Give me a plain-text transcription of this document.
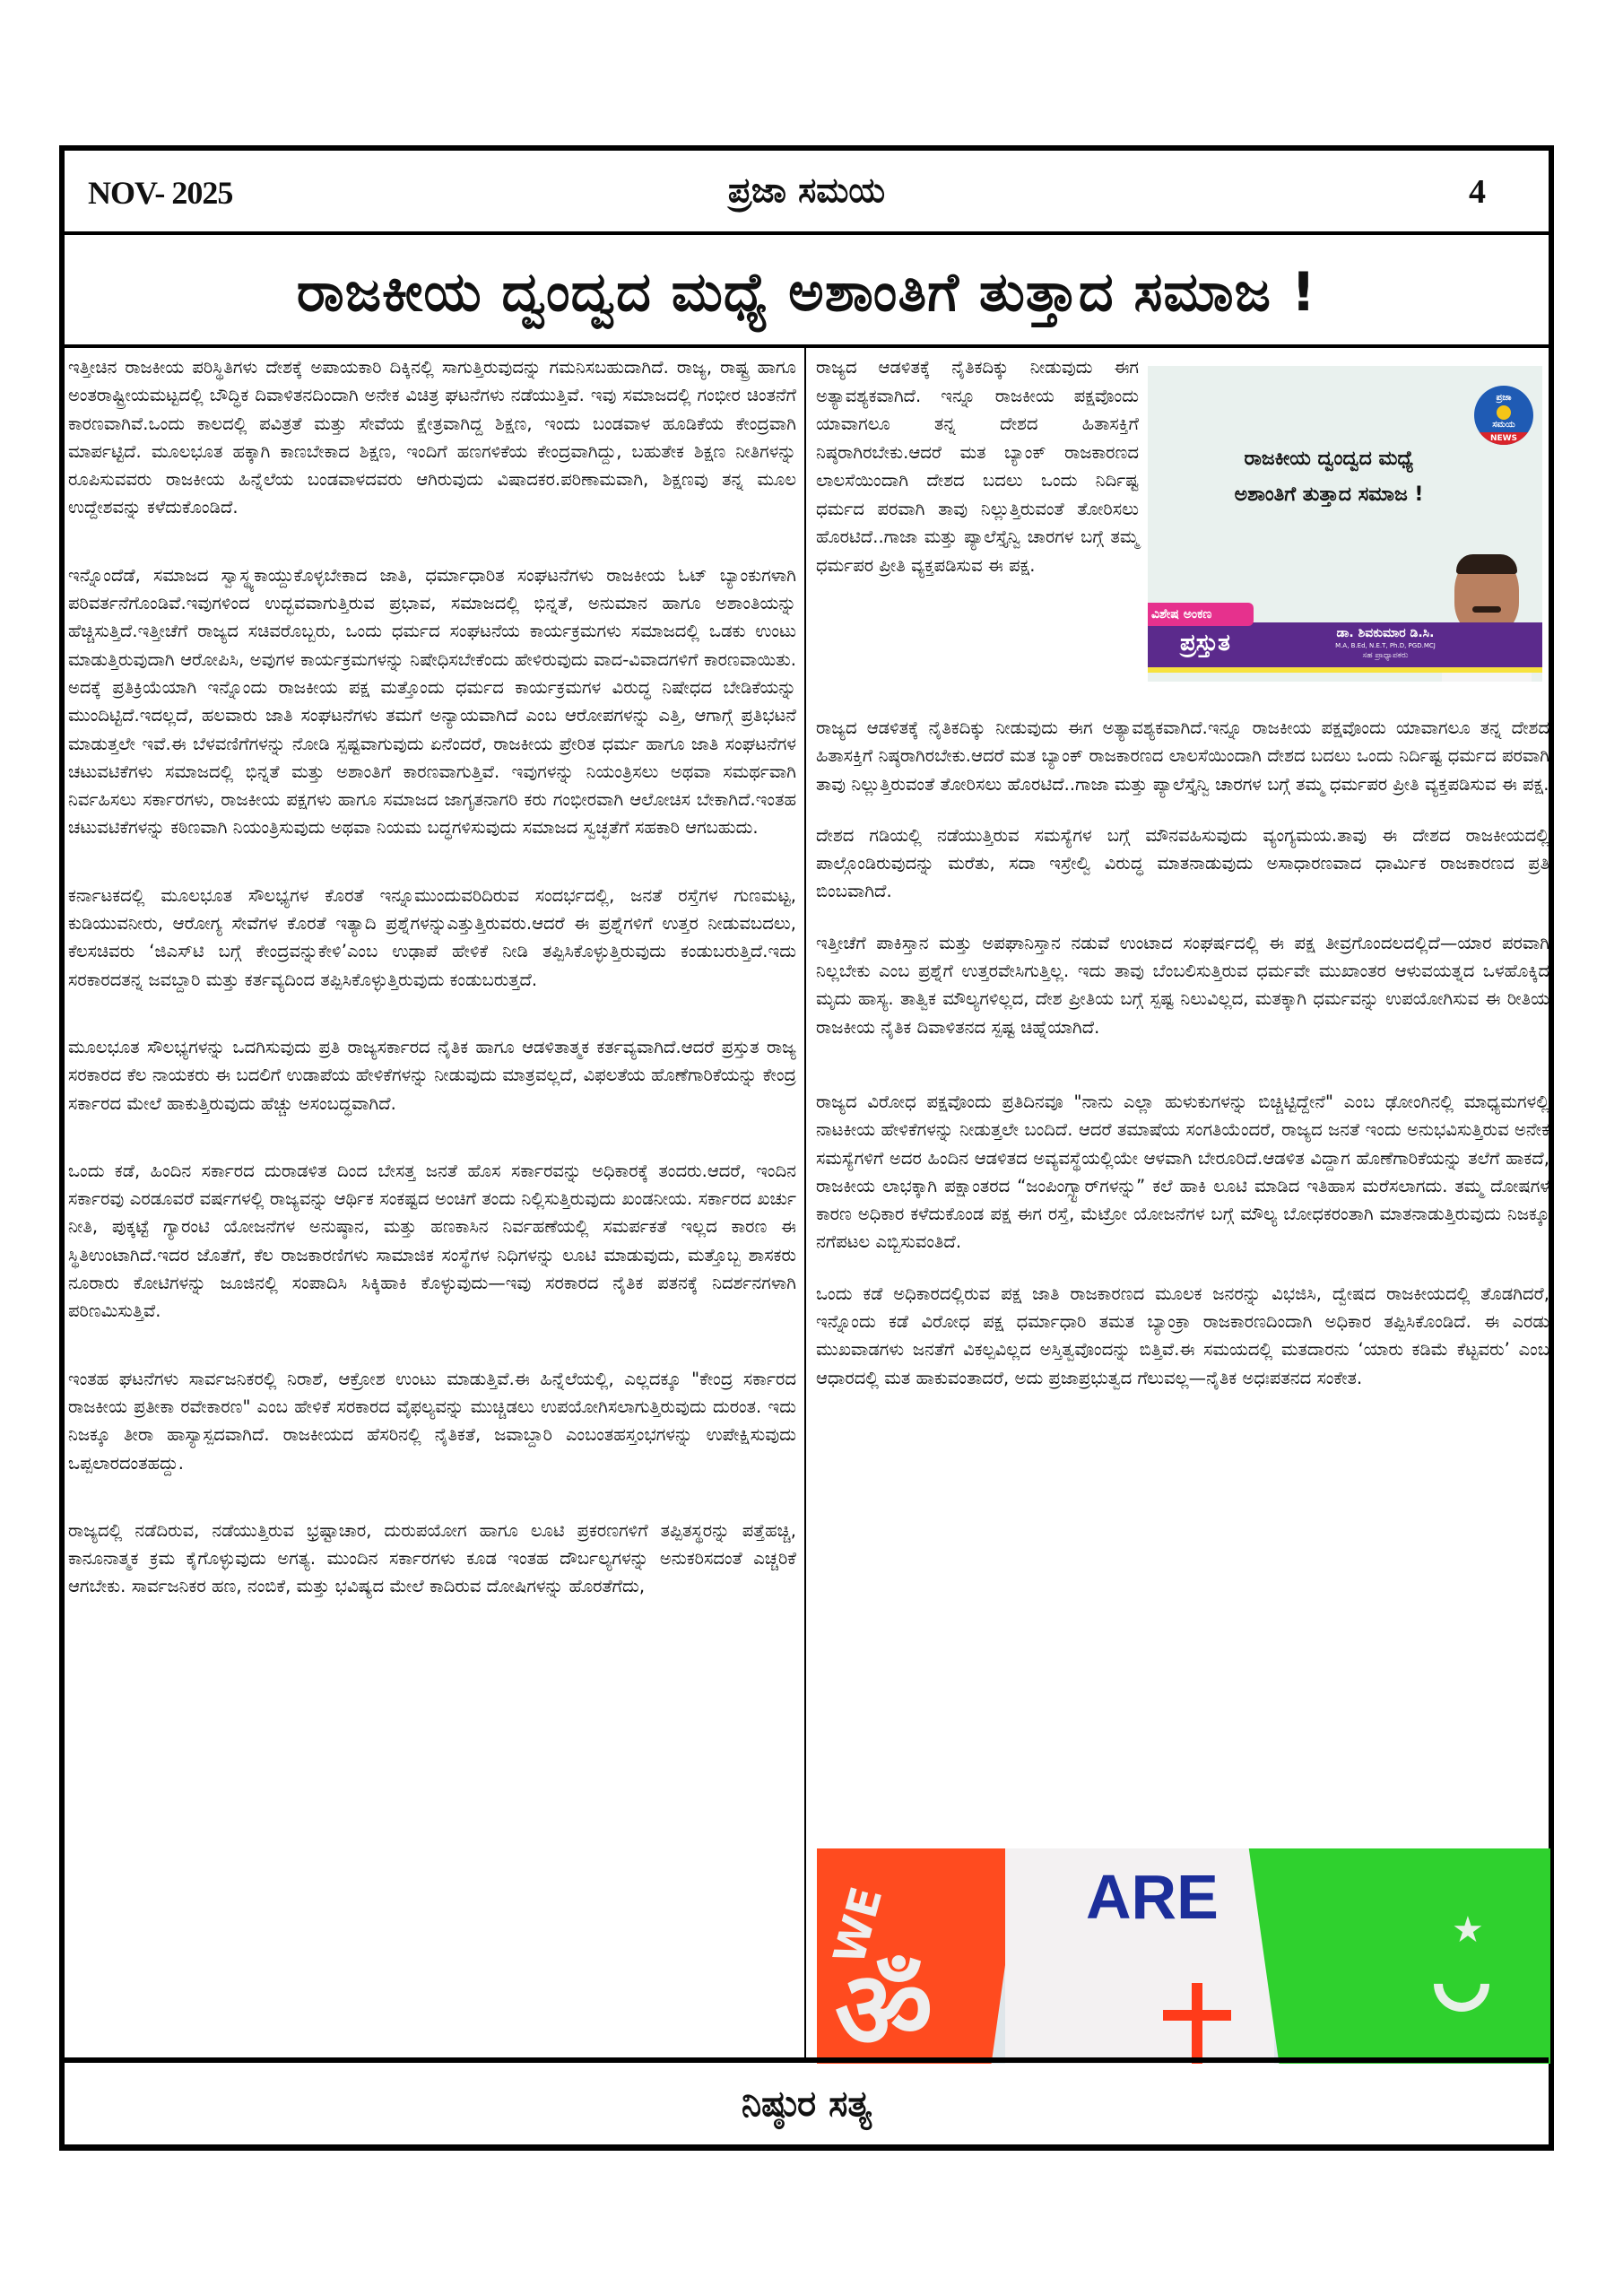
NOV- 2025	ಪ್ರಜಾ ಸಮಯ	4
ರಾಜಕೀಯ ದ್ವಂದ್ವದ ಮಧ್ಯೆ ಅಶಾಂತಿಗೆ ತುತ್ತಾದ ಸಮಾಜ !

ಇತ್ತೀಚಿನ ರಾಜಕೀಯ ಪರಿಸ್ಥಿತಿಗಳು ದೇಶಕ್ಕೆ ಅಪಾಯಕಾರಿ ದಿಕ್ಕಿನಲ್ಲಿ ಸಾಗುತ್ತಿರುವುದನ್ನು ಗಮನಿಸಬಹುದಾಗಿದೆ. ರಾಜ್ಯ, ರಾಷ್ಟ್ರ ಹಾಗೂ ಅಂತರಾಷ್ಟ್ರೀಯಮಟ್ಟದಲ್ಲಿ ಬೌದ್ಧಿಕ ದಿವಾಳಿತನದಿಂದಾಗಿ ಅನೇಕ ವಿಚಿತ್ರ ಘಟನೆಗಳು ನಡೆಯುತ್ತಿವೆ. ಇವು ಸಮಾಜದಲ್ಲಿ ಗಂಭೀರ ಚಿಂತನೆಗೆ ಕಾರಣವಾಗಿವೆ.ಒಂದು ಕಾಲದಲ್ಲಿ ಪವಿತ್ರತೆ ಮತ್ತು ಸೇವೆಯ ಕ್ಷೇತ್ರವಾಗಿದ್ದ ಶಿಕ್ಷಣ, ಇಂದು ಬಂಡವಾಳ ಹೂಡಿಕೆಯ ಕೇಂದ್ರವಾಗಿ ಮಾರ್ಪಟ್ಟಿದೆ. ಮೂಲಭೂತ ಹಕ್ಕಾಗಿ ಕಾಣಬೇಕಾದ ಶಿಕ್ಷಣ, ಇಂದಿಗೆ ಹಣಗಳಿಕೆಯ ಕೇಂದ್ರವಾಗಿದ್ದು, ಬಹುತೇಕ ಶಿಕ್ಷಣ ನೀತಿಗಳನ್ನು ರೂಪಿಸುವವರು ರಾಜಕೀಯ ಹಿನ್ನೆಲೆಯ ಬಂಡವಾಳದವರು ಆಗಿರುವುದು ವಿಷಾದಕರ.ಪರಿಣಾಮವಾಗಿ, ಶಿಕ್ಷಣವು ತನ್ನ ಮೂಲ ಉದ್ದೇಶವನ್ನು ಕಳೆದುಕೊಂಡಿದೆ.

ಇನ್ನೊಂದೆಡೆ, ಸಮಾಜದ ಸ್ವಾಸ್ಥ್ಯಕಾಯ್ದುಕೊಳ್ಳಬೇಕಾದ ಜಾತಿ, ಧರ್ಮಾಧಾರಿತ ಸಂಘಟನೆಗಳು ರಾಜಕೀಯ ಓಟ್ ಬ್ಯಾಂಕುಗಳಾಗಿ ಪರಿವರ್ತನೆಗೊಂಡಿವೆ.ಇವುಗಳಿಂದ ಉದ್ಭವವಾಗುತ್ತಿರುವ ಪ್ರಭಾವ, ಸಮಾಜದಲ್ಲಿ ಭಿನ್ನತೆ, ಅನುಮಾನ ಹಾಗೂ ಅಶಾಂತಿಯನ್ನು ಹೆಚ್ಚಿಸುತ್ತಿದೆ.ಇತ್ತೀಚೆಗೆ ರಾಜ್ಯದ ಸಚಿವರೊಬ್ಬರು, ಒಂದು ಧರ್ಮದ ಸಂಘಟನೆಯ ಕಾರ್ಯಕ್ರಮಗಳು ಸಮಾಜದಲ್ಲಿ ಒಡಕು ಉಂಟು ಮಾಡುತ್ತಿರುವುದಾಗಿ ಆರೋಪಿಸಿ, ಅವುಗಳ ಕಾರ್ಯಕ್ರಮಗಳನ್ನು ನಿಷೇಧಿಸಬೇಕೆಂದು ಹೇಳಿರುವುದು ವಾದ-ವಿವಾದಗಳಿಗೆ ಕಾರಣವಾಯಿತು. ಅದಕ್ಕೆ ಪ್ರತಿಕ್ರಿಯೆಯಾಗಿ ಇನ್ನೊಂದು ರಾಜಕೀಯ ಪಕ್ಷ ಮತ್ತೊಂದು ಧರ್ಮದ ಕಾರ್ಯಕ್ರಮಗಳ ವಿರುದ್ಧ ನಿಷೇಧದ ಬೇಡಿಕೆಯನ್ನು ಮುಂದಿಟ್ಟಿದೆ.ಇದಲ್ಲದೆ, ಹಲವಾರು ಜಾತಿ ಸಂಘಟನೆಗಳು ತಮಗೆ ಅನ್ಯಾಯವಾಗಿದೆ ಎಂಬ ಆರೋಪಗಳನ್ನು ಎತ್ತಿ, ಆಗಾಗ್ಗೆ ಪ್ರತಿಭಟನೆ ಮಾಡುತ್ತಲೇ ಇವೆ.ಈ ಬೆಳವಣಿಗೆಗಳನ್ನು ನೋಡಿ ಸ್ಪಷ್ಟವಾಗುವುದು ಏನೆಂದರೆ, ರಾಜಕೀಯ ಪ್ರೇರಿತ ಧರ್ಮ ಹಾಗೂ ಜಾತಿ ಸಂಘಟನೆಗಳ ಚಟುವಟಿಕೆಗಳು ಸಮಾಜದಲ್ಲಿ ಭಿನ್ನತೆ ಮತ್ತು ಅಶಾಂತಿಗೆ ಕಾರಣವಾಗುತ್ತಿವೆ. ಇವುಗಳನ್ನು ನಿಯಂತ್ರಿಸಲು ಅಥವಾ ಸಮರ್ಥವಾಗಿ ನಿರ್ವಹಿಸಲು ಸರ್ಕಾರಗಳು, ರಾಜಕೀಯ ಪಕ್ಷಗಳು ಹಾಗೂ ಸಮಾಜದ ಜಾಗೃತನಾಗರಿ ಕರು ಗಂಭೀರವಾಗಿ ಆಲೋಚಿಸ ಬೇಕಾಗಿದೆ.ಇಂತಹ ಚಟುವಟಿಕೆಗಳನ್ನು ಕಠಿಣವಾಗಿ ನಿಯಂತ್ರಿಸುವುದು ಅಥವಾ ನಿಯಮ ಬದ್ಧಗಳಿಸುವುದು ಸಮಾಜದ ಸ್ವಚ್ಛತೆಗೆ ಸಹಕಾರಿ ಆಗಬಹುದು.

ಕರ್ನಾಟಕದಲ್ಲಿ ಮೂಲಭೂತ ಸೌಲಭ್ಯಗಳ ಕೊರತೆ ಇನ್ನೂಮುಂದುವರಿದಿರುವ ಸಂದರ್ಭದಲ್ಲಿ, ಜನತೆ ರಸ್ತೆಗಳ ಗುಣಮಟ್ಟ, ಕುಡಿಯುವನೀರು, ಆರೋಗ್ಯ ಸೇವೆಗಳ ಕೊರತೆ ಇತ್ಯಾದಿ ಪ್ರಶ್ನೆಗಳನ್ನುಎತ್ತುತ್ತಿರುವರು.ಆದರೆ ಈ ಪ್ರಶ್ನೆಗಳಿಗೆ ಉತ್ತರ ನೀಡುವಬದಲು, ಕೆಲಸಚಿವರು ‘ಜಿಎಸ್‌ಟಿ ಬಗ್ಗೆ ಕೇಂದ್ರವನ್ನುಕೇಳಿ’ಎಂಬ ಉಢಾಪೆ ಹೇಳಿಕೆ ನೀಡಿ ತಪ್ಪಿಸಿಕೊಳ್ಳುತ್ತಿರುವುದು ಕಂಡುಬರುತ್ತಿದೆ.ಇದು ಸರಕಾರದತನ್ನ ಜವಬ್ದಾರಿ ಮತ್ತು ಕರ್ತವ್ಯದಿಂದ ತಪ್ಪಿಸಿಕೊಳ್ಳುತ್ತಿರುವುದು ಕಂಡುಬರುತ್ತದೆ.

ಮೂಲಭೂತ ಸೌಲಭ್ಯಗಳನ್ನು ಒದಗಿಸುವುದು ಪ್ರತಿ ರಾಜ್ಯಸರ್ಕಾರದ ನೈತಿಕ ಹಾಗೂ ಆಡಳಿತಾತ್ಮಕ ಕರ್ತವ್ಯವಾಗಿದೆ.ಆದರೆ ಪ್ರಸ್ತುತ ರಾಜ್ಯ ಸರಕಾರದ ಕೆಲ ನಾಯಕರು ಈ ಬದಲಿಗೆ ಉಡಾಪೆಯ ಹೇಳಿಕೆಗಳನ್ನು ನೀಡುವುದು ಮಾತ್ರವಲ್ಲದೆ, ವಿಫಲತೆಯ ಹೊಣೆಗಾರಿಕೆಯನ್ನು ಕೇಂದ್ರ ಸರ್ಕಾರದ ಮೇಲೆ ಹಾಕುತ್ತಿರುವುದು ಹೆಚ್ಚು ಅಸಂಬದ್ಧವಾಗಿದೆ.

ಒಂದು ಕಡೆ, ಹಿಂದಿನ ಸರ್ಕಾರದ ದುರಾಡಳಿತ ದಿಂದ ಬೇಸತ್ತ ಜನತೆ ಹೊಸ ಸರ್ಕಾರವನ್ನು ಅಧಿಕಾರಕ್ಕೆ ತಂದರು.ಆದರೆ, ಇಂದಿನ ಸರ್ಕಾರವು ಎರಡೂವರೆ ವರ್ಷಗಳಲ್ಲಿ ರಾಜ್ಯವನ್ನು ಆರ್ಥಿಕ ಸಂಕಷ್ಟದ ಅಂಚಿಗೆ ತಂದು ನಿಲ್ಲಿಸುತ್ತಿರುವುದು ಖಂಡನೀಯ. ಸರ್ಕಾರದ ಖರ್ಚು ನೀತಿ, ಪುಕ್ಕಟ್ಟೆ ಗ್ಯಾರಂಟಿ ಯೋಜನೆಗಳ ಅನುಷ್ಠಾನ, ಮತ್ತು ಹಣಕಾಸಿನ ನಿರ್ವಹಣೆಯಲ್ಲಿ ಸಮರ್ಪಕತೆ ಇಲ್ಲದ ಕಾರಣ ಈ ಸ್ಥಿತಿಉಂಟಾಗಿದೆ.ಇದರ ಜೊತೆಗೆ, ಕೆಲ ರಾಜಕಾರಣಿಗಳು ಸಾಮಾಜಿಕ ಸಂಸ್ಥೆಗಳ ನಿಧಿಗಳನ್ನು ಲೂಟಿ ಮಾಡುವುದು, ಮತ್ತೊಬ್ಬ ಶಾಸಕರು ನೂರಾರು ಕೋಟಿಗಳನ್ನು ಜೂಜಿನಲ್ಲಿ ಸಂಪಾದಿಸಿ ಸಿಕ್ಕಿಹಾಕಿ ಕೊಳ್ಳುವುದು—ಇವು ಸರಕಾರದ ನೈತಿಕ ಪತನಕ್ಕೆ ನಿದರ್ಶನಗಳಾಗಿ ಪರಿಣಮಿಸುತ್ತಿವೆ.

ಇಂತಹ ಘಟನೆಗಳು ಸಾರ್ವಜನಿಕರಲ್ಲಿ ನಿರಾಶೆ, ಆಕ್ರೋಶ ಉಂಟು ಮಾಡುತ್ತಿವೆ.ಈ ಹಿನ್ನೆಲೆಯಲ್ಲಿ, ಎಲ್ಲದಕ್ಕೂ "ಕೇಂದ್ರ ಸರ್ಕಾರದ ರಾಜಕೀಯ ಪ್ರತೀಕಾ ರವೇಕಾರಣ" ಎಂಬ ಹೇಳಿಕೆ ಸರಕಾರದ ವೈಫಲ್ಯವನ್ನು ಮುಚ್ಚಿಡಲು ಉಪಯೋಗಿಸಲಾಗುತ್ತಿರುವುದು ದುರಂತ. ಇದು ನಿಜಕ್ಕೂ ತೀರಾ ಹಾಸ್ಯಾಸ್ಪದವಾಗಿದೆ. ರಾಜಕೀಯದ ಹೆಸರಿನಲ್ಲಿ ನೈತಿಕತೆ, ಜವಾಬ್ದಾರಿ ಎಂಬಂತಹಸ್ತಂಭಗಳನ್ನು ಉಪೇಕ್ಷಿಸುವುದು ಒಪ್ಪಲಾರದಂತಹದ್ದು.

ರಾಜ್ಯದಲ್ಲಿ ನಡೆದಿರುವ, ನಡೆಯುತ್ತಿರುವ ಭ್ರಷ್ಟಾಚಾರ, ದುರುಪಯೋಗ ಹಾಗೂ ಲೂಟಿ ಪ್ರಕರಣಗಳಿಗೆ ತಪ್ಪಿತಸ್ಥರನ್ನು ಪತ್ತೆಹಚ್ಚಿ, ಕಾನೂನಾತ್ಮಕ ಕ್ರಮ ಕೈಗೊಳ್ಳುವುದು ಅಗತ್ಯ. ಮುಂದಿನ ಸರ್ಕಾರಗಳು ಕೂಡ ಇಂತಹ ದೌರ್ಬಲ್ಯಗಳನ್ನು ಅನುಕರಿಸದಂತೆ ಎಚ್ಚರಿಕೆ ಆಗಬೇಕು. ಸಾರ್ವಜನಿಕರ ಹಣ, ನಂಬಿಕೆ, ಮತ್ತು ಭವಿಷ್ಯದ ಮೇಲೆ ಕಾದಿರುವ ದೋಷಿಗಳನ್ನು ಹೊರತೆಗೆದು,

ರಾಜ್ಯದ ಆಡಳಿತಕ್ಕೆ ನೈತಿಕದಿಕ್ಕು ನೀಡುವುದು ಈಗ ಅತ್ಯಾವಶ್ಯಕವಾಗಿದೆ. ಇನ್ನೂ ರಾಜಕೀಯ ಪಕ್ಷವೊಂದು ಯಾವಾಗಲೂ ತನ್ನ ದೇಶದ ಹಿತಾಸಕ್ತಿಗೆ ನಿಷ್ಠರಾಗಿರಬೇಕು.ಆದರೆ ಮತ ಬ್ಯಾಂಕ್ ರಾಜಕಾರಣದ ಲಾಲಸೆಯಿಂದಾಗಿ ದೇಶದ ಬದಲು ಒಂದು ನಿರ್ದಿಷ್ಟ ಧರ್ಮದ ಪರವಾಗಿ ತಾವು ನಿಲ್ಲುತ್ತಿರುವಂತೆ ತೋರಿಸಲು ಹೊರಟಿದೆ..ಗಾಜಾ ಮತ್ತು ಪ್ಯಾಲೆಸ್ತೈನ್ವಿ ಚಾರಗಳ ಬಗ್ಗೆ ತಮ್ಮ ಧರ್ಮಪರ ಪ್ರೀತಿ ವ್ಯಕ್ತಪಡಿಸುವ ಈ ಪಕ್ಷ.

ಪ್ರಜಾ
ಸಮಯ
NEWS
ರಾಜಕೀಯ ದ್ವಂದ್ವದ ಮಧ್ಯೆ
ಅಶಾಂತಿಗೆ ತುತ್ತಾದ ಸಮಾಜ !
ವಿಶೇಷ ಅಂಕಣ
ಪ್ರಸ್ತುತ	ಡಾ. ಶಿವಕುಮಾರ ಡಿ.ಸಿ.
M.A, B.Ed, N.E.T, Ph.D, PGD.MCJ
ಸಹ ಪ್ರಾಧ್ಯಾಪಕರು

ರಾಜ್ಯದ ಆಡಳಿತಕ್ಕೆ ನೈತಿಕದಿಕ್ಕು ನೀಡುವುದು ಈಗ ಅತ್ಯಾವಶ್ಯಕವಾಗಿದೆ.ಇನ್ನೂ ರಾಜಕೀಯ ಪಕ್ಷವೊಂದು ಯಾವಾಗಲೂ ತನ್ನ ದೇಶದ ಹಿತಾಸಕ್ತಿಗೆ ನಿಷ್ಠರಾಗಿರಬೇಕು.ಆದರೆ ಮತ ಬ್ಯಾಂಕ್ ರಾಜಕಾರಣದ ಲಾಲಸೆಯಿಂದಾಗಿ ದೇಶದ ಬದಲು ಒಂದು ನಿರ್ದಿಷ್ಟ ಧರ್ಮದ ಪರವಾಗಿ ತಾವು ನಿಲ್ಲುತ್ತಿರುವಂತೆ ತೋರಿಸಲು ಹೊರಟಿದೆ..ಗಾಜಾ ಮತ್ತು ಪ್ಯಾಲೆಸ್ತೈನ್ವಿ ಚಾರಗಳ ಬಗ್ಗೆ ತಮ್ಮ ಧರ್ಮಪರ ಪ್ರೀತಿ ವ್ಯಕ್ತಪಡಿಸುವ ಈ ಪಕ್ಷ.

ದೇಶದ ಗಡಿಯಲ್ಲಿ ನಡೆಯುತ್ತಿರುವ ಸಮಸ್ಯೆಗಳ ಬಗ್ಗೆ ಮೌನವಹಿಸುವುದು ವ್ಯಂಗ್ಯಮಯ.ತಾವು ಈ ದೇಶದ ರಾಜಕೀಯದಲ್ಲಿ ಪಾಲ್ಗೊಂಡಿರುವುದನ್ನು ಮರೆತು, ಸದಾ ಇಸ್ರೇಲ್ವಿ ವಿರುದ್ಧ ಮಾತನಾಡುವುದು ಅಸಾಧಾರಣವಾದ ಧಾರ್ಮಿಕ ರಾಜಕಾರಣದ ಪ್ರತಿ ಬಿಂಬವಾಗಿದೆ.

ಇತ್ತೀಚೆಗೆ ಪಾಕಿಸ್ತಾನ ಮತ್ತು ಅಪಘಾನಿಸ್ತಾನ ನಡುವೆ ಉಂಟಾದ ಸಂಘರ್ಷದಲ್ಲಿ ಈ ಪಕ್ಷ ತೀವ್ರಗೊಂದಲದಲ್ಲಿದೆ—ಯಾರ ಪರವಾಗಿ ನಿಲ್ಲಬೇಕು ಎಂಬ ಪ್ರಶ್ನೆಗೆ ಉತ್ತರವೇಸಿಗುತ್ತಿಲ್ಲ. ಇದು ತಾವು ಬೆಂಬಲಿಸುತ್ತಿರುವ ಧರ್ಮವೇ ಮುಖಾಂತರ ಆಳುವಯತ್ನದ ಒಳಹೊಕ್ಕಿದ ಮೃದು ಹಾಸ್ಯ. ತಾತ್ವಿಕ ಮೌಲ್ಯಗಳಿಲ್ಲದ, ದೇಶ ಪ್ರೀತಿಯ ಬಗ್ಗೆ ಸ್ಪಷ್ಟ ನಿಲುವಿಲ್ಲದ, ಮತಕ್ಕಾಗಿ ಧರ್ಮವನ್ನು ಉಪಯೋಗಿಸುವ ಈ ರೀತಿಯ ರಾಜಕೀಯ ನೈತಿಕ ದಿವಾಳಿತನದ ಸ್ಪಷ್ಟ ಚಿಹ್ನೆಯಾಗಿದೆ.

ರಾಜ್ಯದ ವಿರೋಧ ಪಕ್ಷವೊಂದು ಪ್ರತಿದಿನವೂ "ನಾನು ಎಲ್ಲಾ ಹುಳುಕುಗಳನ್ನು ಬಿಚ್ಚಿಟ್ಟಿದ್ದೇನೆ" ಎಂಬ ಢೋಂಗಿನಲ್ಲಿ ಮಾಧ್ಯಮಗಳಲ್ಲಿ ನಾಟಕೀಯ ಹೇಳಿಕೆಗಳನ್ನು ನೀಡುತ್ತಲೇ ಬಂದಿದೆ. ಆದರೆ ತಮಾಷೆಯ ಸಂಗತಿಯೆಂದರೆ, ರಾಜ್ಯದ ಜನತೆ ಇಂದು ಅನುಭವಿಸುತ್ತಿರುವ ಅನೇಕ ಸಮಸ್ಯೆಗಳಿಗೆ ಅದರ ಹಿಂದಿನ ಆಡಳಿತದ ಅವ್ಯವಸ್ಥೆಯಲ್ಲಿಯೇ ಆಳವಾಗಿ ಬೇರೂರಿದೆ.ಆಡಳಿತ ವಿದ್ದಾಗ ಹೊಣೆಗಾರಿಕೆಯನ್ನು ತಲೆಗೆ ಹಾಕದೆ, ರಾಜಕೀಯ ಲಾಭಕ್ಕಾಗಿ ಪಕ್ಷಾಂತರದ “ಜಂಪಿಂಗ್ಸ್ಟಾರ್‌ಗಳನ್ನು” ಕಲೆ ಹಾಕಿ ಲೂಟಿ ಮಾಡಿದ ಇತಿಹಾಸ ಮರೆಸಲಾಗದು. ತಮ್ಮ ದೋಷಗಳ ಕಾರಣ ಅಧಿಕಾರ ಕಳೆದುಕೊಂಡ ಪಕ್ಷ ಈಗ ರಸ್ತೆ, ಮೆಟ್ರೋ ಯೋಜನೆಗಳ ಬಗ್ಗೆ ಮೌಲ್ಯ ಬೋಧಕರಂತಾಗಿ ಮಾತನಾಡುತ್ತಿರುವುದು ನಿಜಕ್ಕೂ ನಗೆಪಟಲ ಎಬ್ಬಿಸುವಂತಿದೆ.

ಒಂದು ಕಡೆ ಅಧಿಕಾರದಲ್ಲಿರುವ ಪಕ್ಷ ಜಾತಿ ರಾಜಕಾರಣದ ಮೂಲಕ ಜನರನ್ನು ವಿಭಜಿಸಿ, ದ್ವೇಷದ ರಾಜಕೀಯದಲ್ಲಿ ತೊಡಗಿದರೆ, ಇನ್ನೊಂದು ಕಡೆ ವಿರೋಧ ಪಕ್ಷ ಧರ್ಮಾಧಾರಿ ತಮತ ಬ್ಯಾಂಕ್ರಾ ರಾಜಕಾರಣದಿಂದಾಗಿ ಅಧಿಕಾರ ತಪ್ಪಿಸಿಕೊಂಡಿದೆ. ಈ ಎರಡು ಮುಖವಾಡಗಳು ಜನತೆಗೆ ವಿಕಲ್ಪವಿಲ್ಲದ ಅಸ್ತಿತ್ವವೊಂದನ್ನು ಬಿತ್ತಿವೆ.ಈ ಸಮಯದಲ್ಲಿ ಮತದಾರನು ‘ಯಾರು ಕಡಿಮೆ ಕೆಟ್ಟವರು’ ಎಂಬ ಆಧಾರದಲ್ಲಿ ಮತ ಹಾಕುವಂತಾದರೆ, ಅದು ಪ್ರಜಾಪ್ರಭುತ್ವದ ಗೆಲುವಲ್ಲ—ನೈತಿಕ ಅಧಃಪತನದ ಸಂಕೇತ.

ॐ
WE	ARE	★
ನಿಷ್ಠುರ ಸತ್ಯ
